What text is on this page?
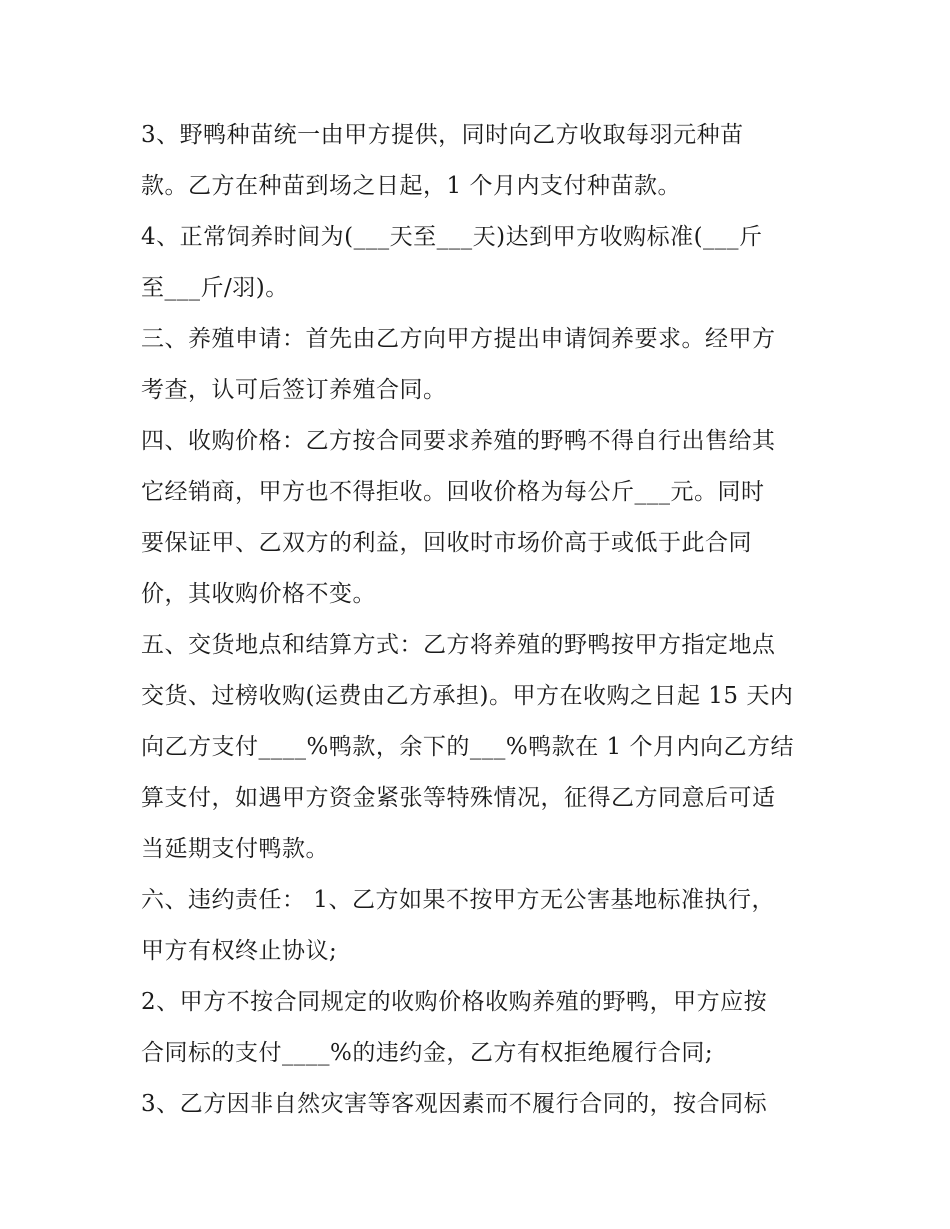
3、野鸭种苗统一由甲方提供，同时向乙方收取每羽元种苗
款。乙方在种苗到场之日起，1 个月内支付种苗款。
4、正常饲养时间为(___天至___天)达到甲方收购标准(___斤
至___斤/羽)。
三、养殖申请：首先由乙方向甲方提出申请饲养要求。经甲方
考查，认可后签订养殖合同。
四、收购价格：乙方按合同要求养殖的野鸭不得自行出售给其
它经销商，甲方也不得拒收。回收价格为每公斤___元。同时
要保证甲、乙双方的利益，回收时市场价高于或低于此合同
价，其收购价格不变。
五、交货地点和结算方式：乙方将养殖的野鸭按甲方指定地点
交货、过榜收购(运费由乙方承担)。甲方在收购之日起 15 天内
向乙方支付____%鸭款，余下的___%鸭款在 1 个月内向乙方结
算支付，如遇甲方资金紧张等特殊情况，征得乙方同意后可适
当延期支付鸭款。
六、违约责任： 1、乙方如果不按甲方无公害基地标准执行，
甲方有权终止协议;
2、甲方不按合同规定的收购价格收购养殖的野鸭，甲方应按
合同标的支付____%的违约金，乙方有权拒绝履行合同;
3、乙方因非自然灾害等客观因素而不履行合同的，按合同标
